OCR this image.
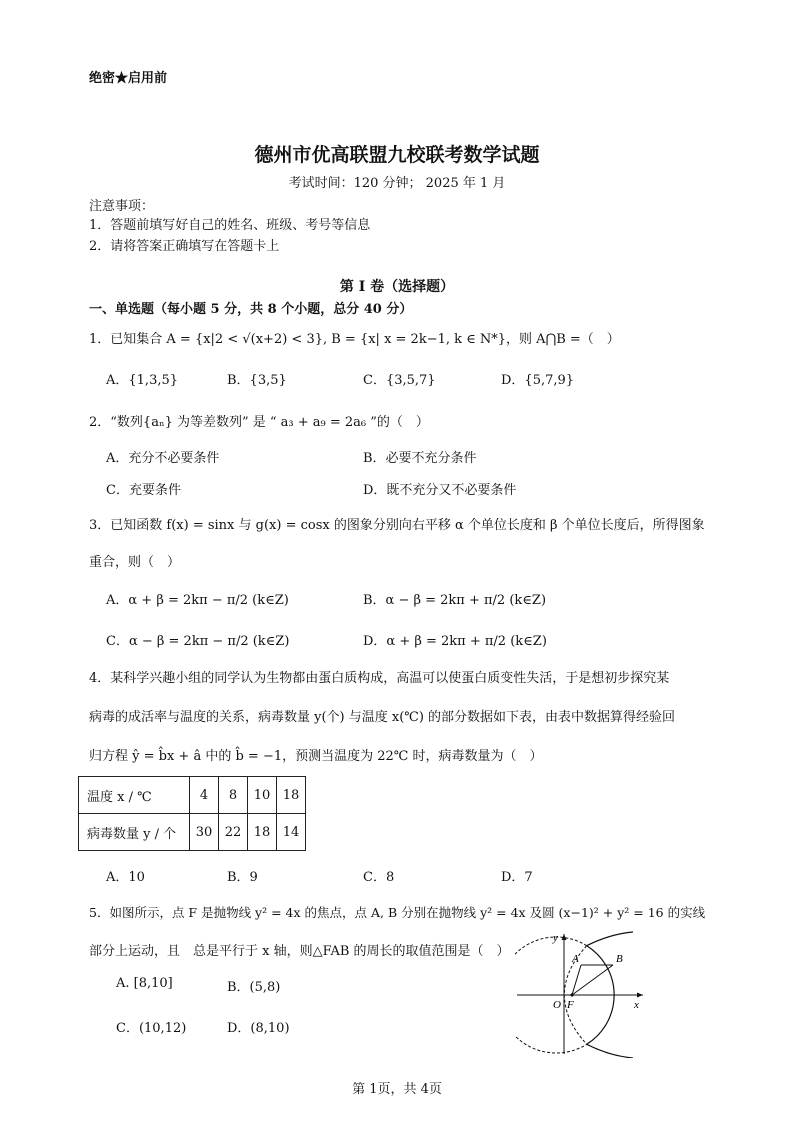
绝密★启用前
德州市优高联盟九校联考数学试题
考试时间：120 分钟； 2025 年 1 月
注意事项：
1．答题前填写好自己的姓名、班级、考号等信息
2．请将答案正确填写在答题卡上
第 I 卷（选择题）
一、单选题（每小题 5 分，共 8 个小题，总分 40 分）
1．已知集合 A = {x|2 < √(x+2) < 3}, B = {x| x = 2k−1, k ∈ N*}，则 A⋂B =（　）
A．{1,3,5}	B．{3,5}	C．{3,5,7}	D．{5,7,9}
2．“数列{aₙ} 为等差数列” 是 “ a₃ + a₉ = 2a₆ ”的（　）
A．充分不必要条件	B．必要不充分条件
C．充要条件	D．既不充分又不必要条件
3．已知函数 f(x) = sinx 与 g(x) = cosx 的图象分别向右平移 α 个单位长度和 β 个单位长度后，所得图象
重合，则（　）
A．α + β = 2kπ − π/2 (k∈Z)	B．α − β = 2kπ + π/2 (k∈Z)
C．α − β = 2kπ − π/2 (k∈Z)	D．α + β = 2kπ + π/2 (k∈Z)
4．某科学兴趣小组的同学认为生物都由蛋白质构成，高温可以使蛋白质变性失活，于是想初步探究某
病毒的成活率与温度的关系，病毒数量 y(个) 与温度 x(℃) 的部分数据如下表，由表中数据算得经验回
归方程 ŷ = b̂x + â 中的 b̂ = −1，预测当温度为 22℃ 时，病毒数量为（　）
温度 x / ℃	4	8	10	18
病毒数量 y / 个	30	22	18	14
A．10	B．9	C．8	D．7
5．如图所示，点 F 是抛物线 y² = 4x 的焦点，点 A, B 分别在抛物线 y² = 4x 及圆 (x−1)² + y² = 16 的实线
部分上运动，且　总是平行于 x 轴，则△FAB 的周长的取值范围是（　）
A. [8,10]	B．(5,8)
C．(10,12)	D．(8,10)
y
x
A	B
O F
第 1页，共 4页
